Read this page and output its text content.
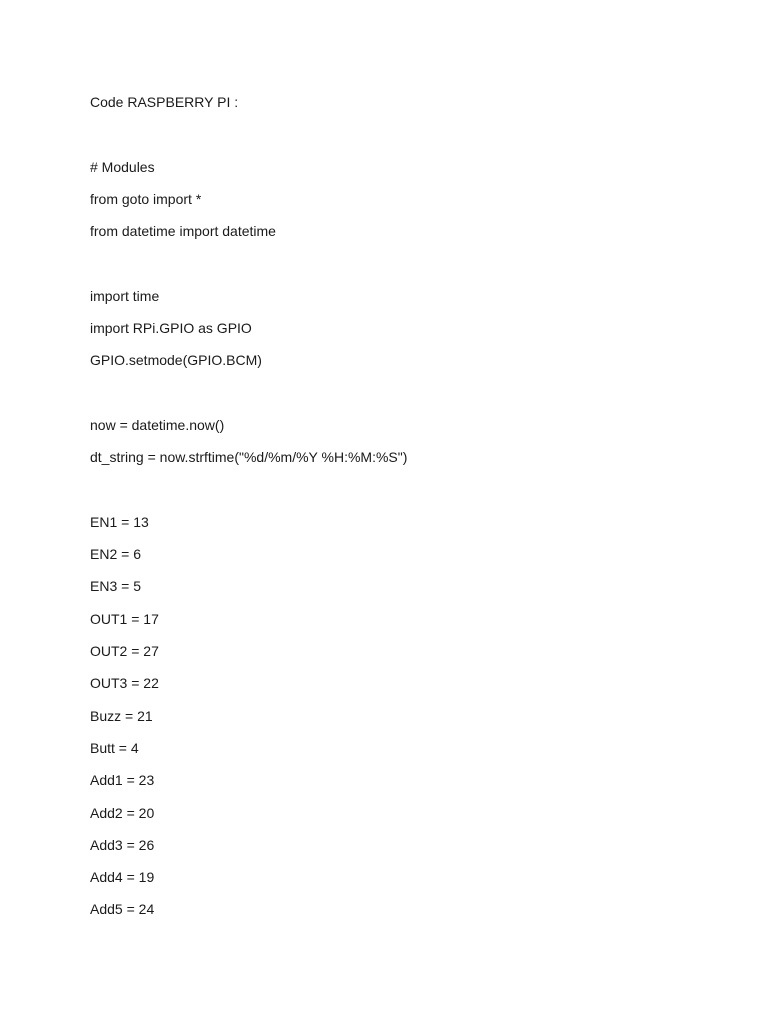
Code RASPBERRY PI :
# Modules
from goto import *
from datetime import datetime
import time
import RPi.GPIO as GPIO
GPIO.setmode(GPIO.BCM)
now = datetime.now()
dt_string = now.strftime("%d/%m/%Y %H:%M:%S")
EN1 = 13
EN2 = 6
EN3 = 5
OUT1 = 17
OUT2 = 27
OUT3 = 22
Buzz = 21
Butt = 4
Add1 = 23
Add2 = 20
Add3 = 26
Add4 = 19
Add5 = 24
